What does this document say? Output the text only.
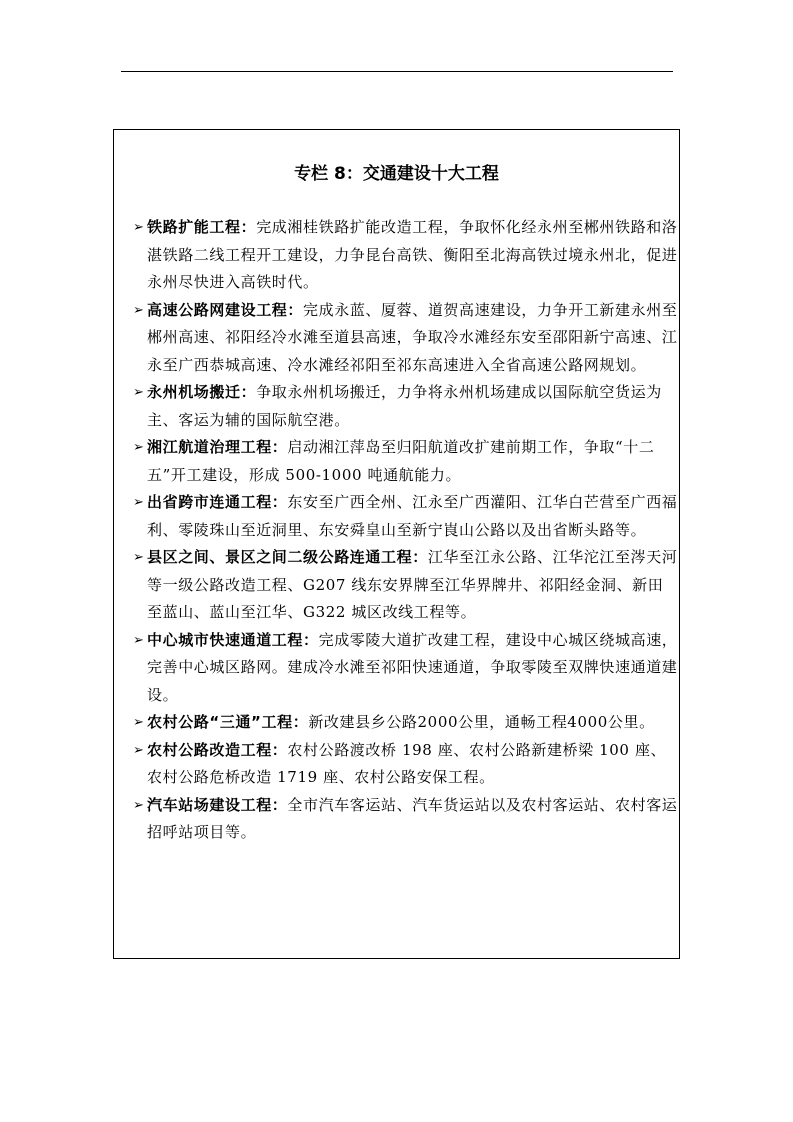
专栏 8：交通建设十大工程
➢ 铁路扩能工程：完成湘桂铁路扩能改造工程，争取怀化经永州至郴州铁路和洛湛铁路二线工程开工建设，力争昆台高铁、衡阳至北海高铁过境永州北，促进永州尽快进入高铁时代。
➢ 高速公路网建设工程：完成永蓝、厦蓉、道贺高速建设，力争开工新建永州至郴州高速、祁阳经冷水滩至道县高速，争取冷水滩经东安至邵阳新宁高速、江永至广西恭城高速、冷水滩经祁阳至祁东高速进入全省高速公路网规划。
➢ 永州机场搬迁：争取永州机场搬迁，力争将永州机场建成以国际航空货运为主、客运为辅的国际航空港。
➢ 湘江航道治理工程：启动湘江萍岛至归阳航道改扩建前期工作，争取“十二五”开工建设，形成 500-1000 吨通航能力。
➢ 出省跨市连通工程：东安至广西全州、江永至广西灌阳、江华白芒营至广西福利、零陵珠山至近洞里、东安舜皇山至新宁崀山公路以及出省断头路等。
➢ 县区之间、景区之间二级公路连通工程：江华至江永公路、江华沱江至涔天河等一级公路改造工程、G207 线东安界牌至江华界牌井、祁阳经金洞、新田至蓝山、蓝山至江华、G322 城区改线工程等。
➢ 中心城市快速通道工程：完成零陵大道扩改建工程，建设中心城区绕城高速，完善中心城区路网。建成冷水滩至祁阳快速通道，争取零陵至双牌快速通道建设。
➢ 农村公路“三通”工程：新改建县乡公路2000公里，通畅工程4000公里。
➢ 农村公路改造工程：农村公路渡改桥 198 座、农村公路新建桥梁 100 座、农村公路危桥改造 1719 座、农村公路安保工程。
➢ 汽车站场建设工程：全市汽车客运站、汽车货运站以及农村客运站、农村客运招呼站项目等。
